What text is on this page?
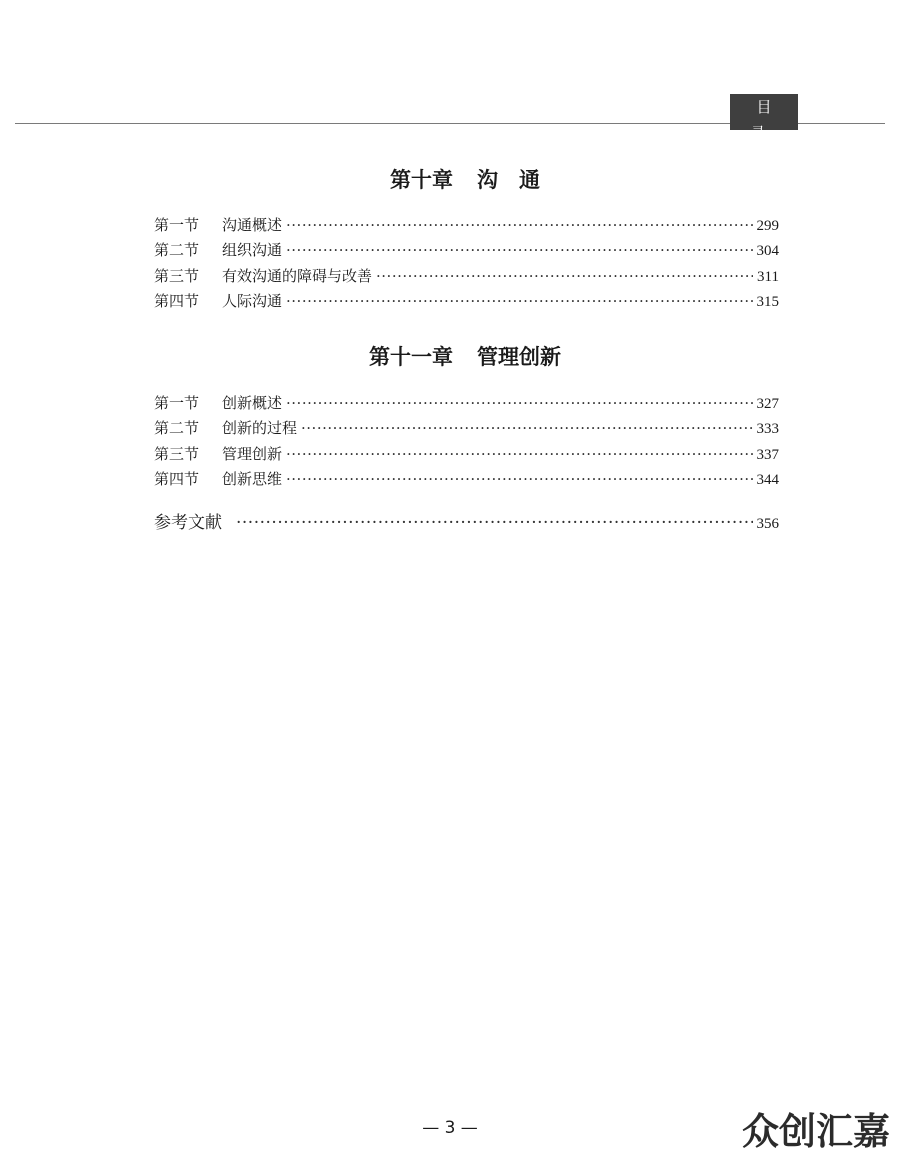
目 录
第十章 沟　通
第一节	沟通概述 ·····	299
第二节	组织沟通 ·····	304
第三节	有效沟通的障碍与改善 ·····	311
第四节	人际沟通 ·····	315
第十一章 管理创新
第一节	创新概述 ·····	327
第二节	创新的过程 ·····	333
第三节	管理创新 ·····	337
第四节	创新思维 ·····	344
参考文献 ·····	356
— 3 —	众创汇嘉
